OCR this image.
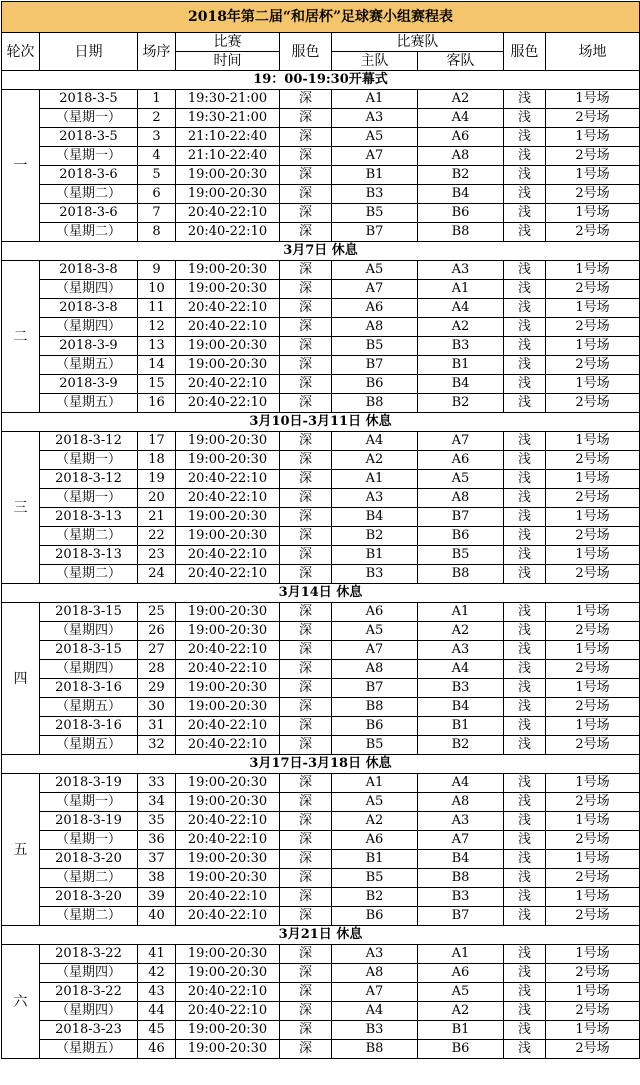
2018年第二届“和居杯”足球赛小组赛程表								
轮次	日期	场序	比赛	服色	比赛队		服色	场地
			时间		主队	客队		
19：00-19:30开幕式								
一	2018-3-5	1	19:30-21:00	深	A1	A2	浅	1号场
	（星期一）	2	19:30-21:00	深	A3	A4	浅	2号场
	2018-3-5	3	21:10-22:40	深	A5	A6	浅	1号场
	（星期一）	4	21:10-22:40	深	A7	A8	浅	2号场
	2018-3-6	5	19:00-20:30	深	B1	B2	浅	1号场
	（星期二）	6	19:00-20:30	深	B3	B4	浅	2号场
	2018-3-6	7	20:40-22:10	深	B5	B6	浅	1号场
	（星期二）	8	20:40-22:10	深	B7	B8	浅	2号场
3月7日 休息								
二	2018-3-8	9	19:00-20:30	深	A5	A3	浅	1号场
	（星期四）	10	19:00-20:30	深	A7	A1	浅	2号场
	2018-3-8	11	20:40-22:10	深	A6	A4	浅	1号场
	（星期四）	12	20:40-22:10	深	A8	A2	浅	2号场
	2018-3-9	13	19:00-20:30	深	B5	B3	浅	1号场
	（星期五）	14	19:00-20:30	深	B7	B1	浅	2号场
	2018-3-9	15	20:40-22:10	深	B6	B4	浅	1号场
	（星期五）	16	20:40-22:10	深	B8	B2	浅	2号场
3月10日-3月11日 休息								
三	2018-3-12	17	19:00-20:30	深	A4	A7	浅	1号场
	（星期一）	18	19:00-20:30	深	A2	A6	浅	2号场
	2018-3-12	19	20:40-22:10	深	A1	A5	浅	1号场
	（星期一）	20	20:40-22:10	深	A3	A8	浅	2号场
	2018-3-13	21	19:00-20:30	深	B4	B7	浅	1号场
	（星期二）	22	19:00-20:30	深	B2	B6	浅	2号场
	2018-3-13	23	20:40-22:10	深	B1	B5	浅	1号场
	（星期二）	24	20:40-22:10	深	B3	B8	浅	2号场
3月14日 休息								
四	2018-3-15	25	19:00-20:30	深	A6	A1	浅	1号场
	（星期四）	26	19:00-20:30	深	A5	A2	浅	2号场
	2018-3-15	27	20:40-22:10	深	A7	A3	浅	1号场
	（星期四）	28	20:40-22:10	深	A8	A4	浅	2号场
	2018-3-16	29	19:00-20:30	深	B7	B3	浅	1号场
	（星期五）	30	19:00-20:30	深	B8	B4	浅	2号场
	2018-3-16	31	20:40-22:10	深	B6	B1	浅	1号场
	（星期五）	32	20:40-22:10	深	B5	B2	浅	2号场
3月17日-3月18日 休息								
五	2018-3-19	33	19:00-20:30	深	A1	A4	浅	1号场
	（星期一）	34	19:00-20:30	深	A5	A8	浅	2号场
	2018-3-19	35	20:40-22:10	深	A2	A3	浅	1号场
	（星期一）	36	20:40-22:10	深	A6	A7	浅	2号场
	2018-3-20	37	19:00-20:30	深	B1	B4	浅	1号场
	（星期二）	38	19:00-20:30	深	B5	B8	浅	2号场
	2018-3-20	39	20:40-22:10	深	B2	B3	浅	1号场
	（星期二）	40	20:40-22:10	深	B6	B7	浅	2号场
3月21日 休息								
六	2018-3-22	41	19:00-20:30	深	A3	A1	浅	1号场
	（星期四）	42	19:00-20:30	深	A8	A6	浅	2号场
	2018-3-22	43	20:40-22:10	深	A7	A5	浅	1号场
	（星期四）	44	20:40-22:10	深	A4	A2	浅	2号场
	2018-3-23	45	19:00-20:30	深	B3	B1	浅	1号场
	（星期五）	46	19:00-20:30	深	B8	B6	浅	2号场
